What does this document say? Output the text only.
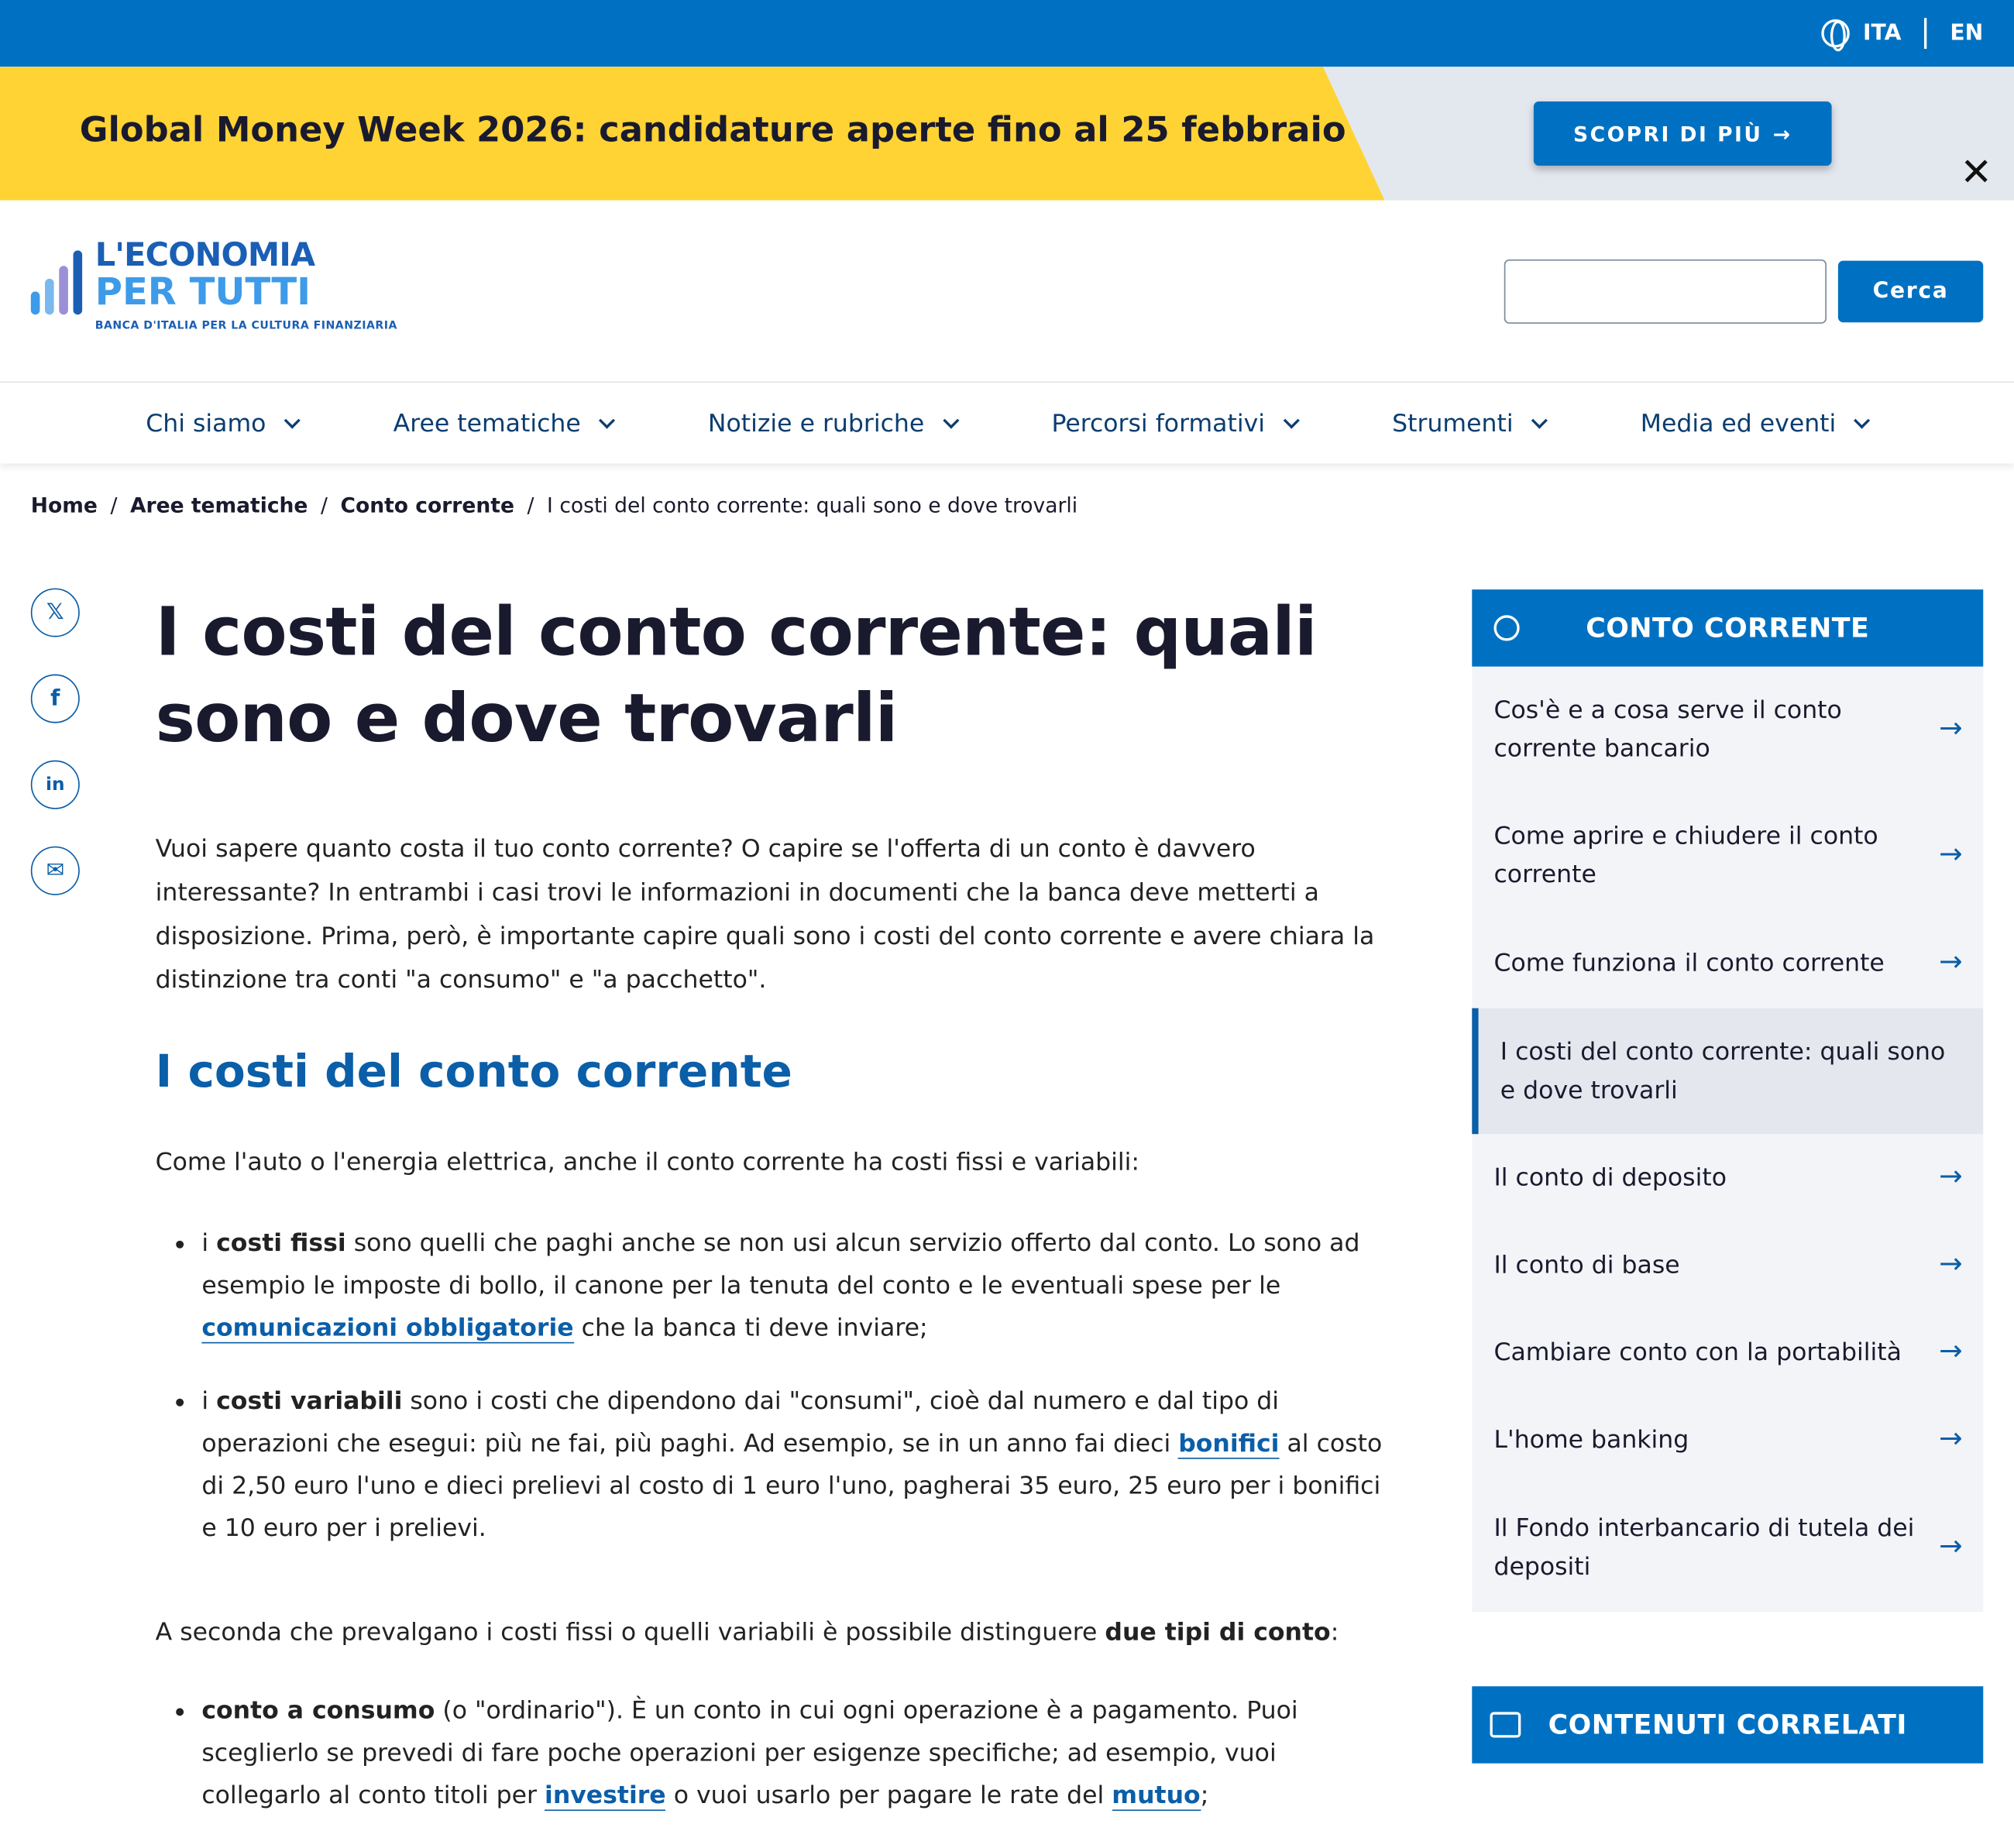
ITA	EN
Global Money Week 2026: candidature aperte fino al 25 febbraio	SCOPRI DI PIÙ →
✕
L'ECONOMIA
PER TUTTI
BANCA D'ITALIA PER LA CULTURA FINANZIARIA
Cerca
Chi siamo	Aree tematiche	Notizie e rubriche	Percorsi formativi	Strumenti	Media ed eventi
Home / Aree tematiche / Conto corrente / I costi del conto corrente: quali sono e dove trovarli
𝕏
f
in
✉
I costi del conto corrente: quali sono e dove trovarli

Vuoi sapere quanto costa il tuo conto corrente? O capire se l'offerta di un conto è davvero interessante? In entrambi i casi trovi le informazioni in documenti che la banca deve metterti a disposizione. Prima, però, è importante capire quali sono i costi del conto corrente e avere chiara la distinzione tra conti "a consumo" e "a pacchetto".

I costi del conto corrente

Come l'auto o l'energia elettrica, anche il conto corrente ha costi fissi e variabili:

i costi fissi sono quelli che paghi anche se non usi alcun servizio offerto dal conto. Lo sono ad esempio le imposte di bollo, il canone per la tenuta del conto e le eventuali spese per le comunicazioni obbligatorie che la banca ti deve inviare;
i costi variabili sono i costi che dipendono dai "consumi", cioè dal numero e dal tipo di operazioni che esegui: più ne fai, più paghi. Ad esempio, se in un anno fai dieci bonifici al costo di 2,50 euro l'uno e dieci prelievi al costo di 1 euro l'uno, pagherai 35 euro, 25 euro per i bonifici e 10 euro per i prelievi.

A seconda che prevalgano i costi fissi o quelli variabili è possibile distinguere due tipi di conto:

conto a consumo (o "ordinario"). È un conto in cui ogni operazione è a pagamento. Puoi sceglierlo se prevedi di fare poche operazioni per esigenze specifiche; ad esempio, vuoi collegarlo al conto titoli per investire o vuoi usarlo per pagare le rate del mutuo;
CONTO CORRENTE
Cos'è e a cosa serve il conto corrente bancario
→
Come aprire e chiudere il conto corrente
→
Come funziona il conto corrente	→
I costi del conto corrente: quali sono e dove trovarli
Il conto di deposito	→
Il conto di base	→
Cambiare conto con la portabilità →
L'home banking	→
Il Fondo interbancario di tutela dei depositi
→
CONTENUTI CORRELATI
